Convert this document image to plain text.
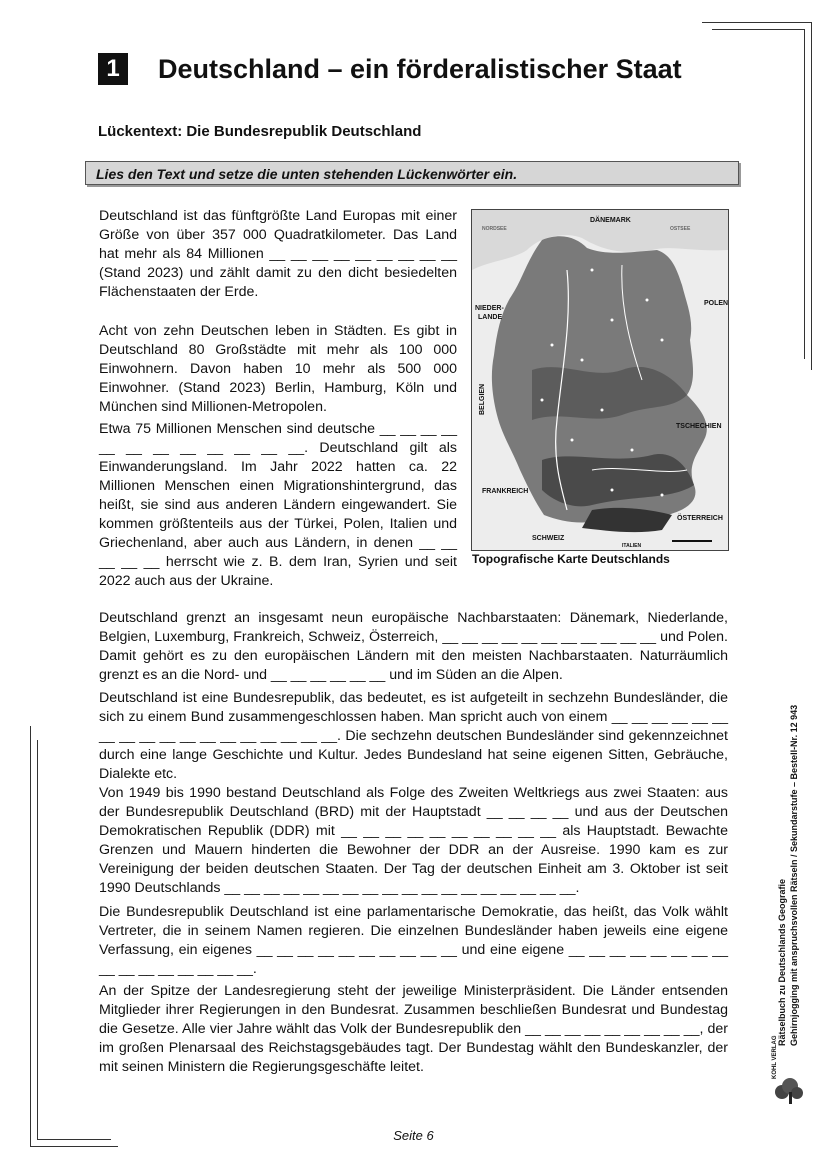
1	Deutschland – ein förderalistischer Staat
Lückentext: Die Bundesrepublik Deutschland
Lies den Text und setze die unten stehenden Lückenwörter ein.

Deutschland ist das fünftgrößte Land Europas mit einer Größe von über 357 000 Quadratkilometer. Das Land hat mehr als 84 Millionen __ __ __ __ __ __ __ __ __ (Stand 2023) und zählt damit zu den dicht besiedelten Flächenstaaten der Erde.

Acht von zehn Deutschen leben in Städten. Es gibt in Deutschland 80 Großstädte mit mehr als 100 000 Einwohnern. Davon haben 10 mehr als 500 000 Einwohner. (Stand 2023) Berlin, Hamburg, Köln und München sind Millionen-Metropolen.

Etwa 75 Millionen Menschen sind deutsche __ __ __ __ __ __ __ __ __ __ __ __. Deutschland gilt als Einwanderungsland. Im Jahr 2022 hatten ca. 22 Millionen Menschen einen Migrationshintergrund, das heißt, sie sind aus anderen Ländern eingewandert. Sie kommen größtenteils aus der Türkei, Polen, Italien und Griechenland, aber auch aus Ländern, in denen __ __ __ __ __ herrscht wie z. B. dem Iran, Syrien und seit 2022 auch aus der Ukraine.

Deutschland grenzt an insgesamt neun europäische Nachbarstaaten: Dänemark, Niederlande, Belgien, Luxemburg, Frankreich, Schweiz, Österreich, __ __ __ __ __ __ __ __ __ __ __ und Polen. Damit gehört es zu den europäischen Ländern mit den meisten Nachbarstaaten. Naturräumlich grenzt es an die Nord- und __ __ __ __ __ __ und im Süden an die Alpen.

Deutschland ist eine Bundesrepublik, das bedeutet, es ist aufgeteilt in sechzehn Bundesländer, die sich zu einem Bund zusammengeschlossen haben. Man spricht auch von einem __ __ __ __ __ __ __ __ __ __ __ __ __ __ __ __ __ __. Die sechzehn deutschen Bundesländer sind gekennzeichnet durch eine lange Geschichte und Kultur. Jedes Bundesland hat seine eigenen Sitten, Gebräuche, Dialekte etc.

Von 1949 bis 1990 bestand Deutschland als Folge des Zweiten Weltkriegs aus zwei Staaten: aus der Bundesrepublik Deutschland (BRD) mit der Hauptstadt __ __ __ __ und aus der Deutschen Demokratischen Republik (DDR) mit __ __ __ __ __ __ __ __ __ __ als Hauptstadt. Bewachte Grenzen und Mauern hinderten die Bewohner der DDR an der Ausreise. 1990 kam es zur Vereinigung der beiden deutschen Staaten. Der Tag der deutschen Einheit am 3. Oktober ist seit 1990 Deutschlands __ __ __ __ __ __ __ __ __ __ __ __ __ __ __ __ __ __.

Die Bundesrepublik Deutschland ist eine parlamentarische Demokratie, das heißt, das Volk wählt Vertreter, die in seinem Namen regieren. Die einzelnen Bundesländer haben jeweils eine eigene Verfassung, ein eigenes __ __ __ __ __ __ __ __ __ __ und eine eigene __ __ __ __ __ __ __ __ __ __ __ __ __ __ __ __.

An der Spitze der Landesregierung steht der jeweilige Ministerpräsident. Die Länder entsenden Mitglieder ihrer Regierungen in den Bundesrat. Zusammen beschließen Bundesrat und Bundestag die Gesetze. Alle vier Jahre wählt das Volk der Bundesrepublik den __ __ __ __ __ __ __ __ __, der im großen Plenarsaal des Reichstagsgebäudes tagt. Der Bundestag wählt den Bundeskanzler, der mit seinen Ministern die Regierungsgeschäfte leitet.

DÄNEMARK
POLEN
NIEDER-
LANDE
BELGIEN
TSCHECHIEN
FRANKREICH
ÖSTERREICH
SCHWEIZ
ITALIEN
NORDSEE	OSTSEE
Topografische Karte Deutschlands
Rätselbuch zu Deutschlands Geografie Gehirnjogging mit anspruchsvollen Rätseln / Sekundarstufe – Bestell-Nr. 12 943
KOHL VERLAG
Seite 6
